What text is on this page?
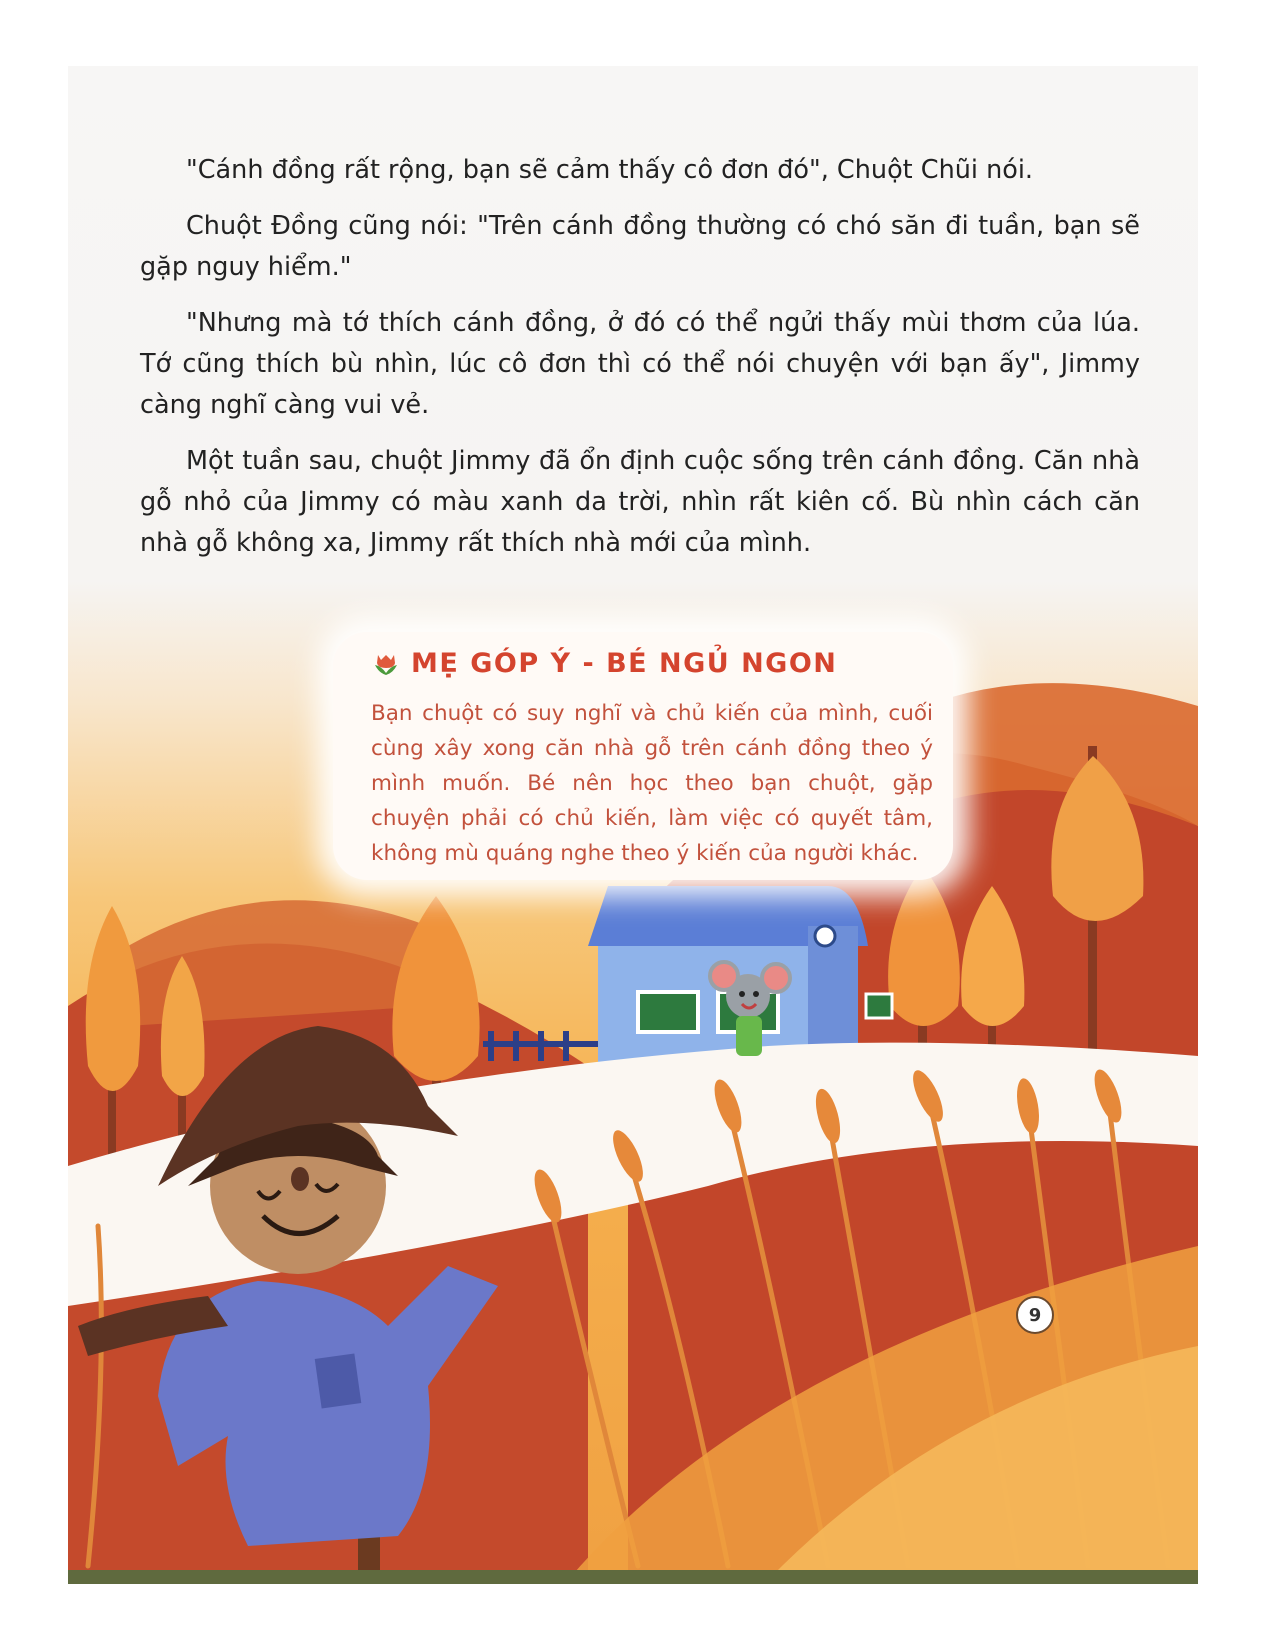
"Cánh đồng rất rộng, bạn sẽ cảm thấy cô đơn đó", Chuột Chũi nói.

Chuột Đồng cũng nói: "Trên cánh đồng thường có chó săn đi tuần, bạn sẽ gặp nguy hiểm."

"Nhưng mà tớ thích cánh đồng, ở đó có thể ngửi thấy mùi thơm của lúa. Tớ cũng thích bù nhìn, lúc cô đơn thì có thể nói chuyện với bạn ấy", Jimmy càng nghĩ càng vui vẻ.

Một tuần sau, chuột Jimmy đã ổn định cuộc sống trên cánh đồng. Căn nhà gỗ nhỏ của Jimmy có màu xanh da trời, nhìn rất kiên cố. Bù nhìn cách căn nhà gỗ không xa, Jimmy rất thích nhà mới của mình.

MẸ GÓP Ý - BÉ NGỦ NGON
Bạn chuột có suy nghĩ và chủ kiến của mình, cuối cùng xây xong căn nhà gỗ trên cánh đồng theo ý mình muốn. Bé nên học theo bạn chuột, gặp chuyện phải có chủ kiến, làm việc có quyết tâm, không mù quáng nghe theo ý kiến của người khác.
9
